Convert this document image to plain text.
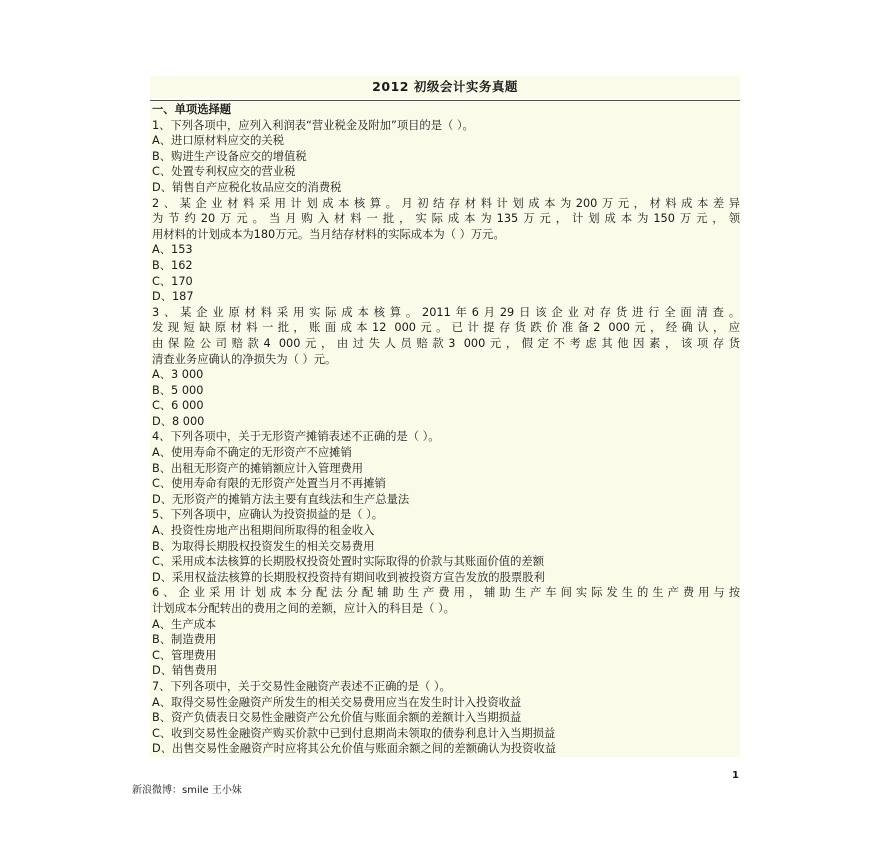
2012 初级会计实务真题
一、单项选择题
1、下列各项中，应列入利润表“营业税金及附加”项目的是（ ）。
A、进口原材料应交的关税
B、购进生产设备应交的增值税
C、处置专利权应交的营业税
D、销售自产应税化妆品应交的消费税
2、某企业材料采用计划成本核算。月初结存材料计划成本为200万元，材料成本差异
为节约20万元。当月购入材料一批，实际成本为135万元，计划成本为150万元，领
用材料的计划成本为180万元。当月结存材料的实际成本为（ ）万元。
A、153
B、162
C、170
D、187
3、某企业原材料采用实际成本核算。2011年6月29日该企业对存货进行全面清查。
发现短缺原材料一批，账面成本12 000元。已计提存货跌价准备2 000元，经确认，应
由保险公司赔款4 000元，由过失人员赔款3 000元，假定不考虑其他因素，该项存货
清查业务应确认的净损失为（ ）元。
A、3 000
B、5 000
C、6 000
D、8 000
4、下列各项中，关于无形资产摊销表述不正确的是（ ）。
A、使用寿命不确定的无形资产不应摊销
B、出租无形资产的摊销额应计入管理费用
C、使用寿命有限的无形资产处置当月不再摊销
D、无形资产的摊销方法主要有直线法和生产总量法
5、下列各项中，应确认为投资损益的是（ ）。
A、投资性房地产出租期间所取得的租金收入
B、为取得长期股权投资发生的相关交易费用
C、采用成本法核算的长期股权投资处置时实际取得的价款与其账面价值的差额
D、采用权益法核算的长期股权投资持有期间收到被投资方宣告发放的股票股利
6、企业采用计划成本分配法分配辅助生产费用，辅助生产车间实际发生的生产费用与按
计划成本分配转出的费用之间的差额，应计入的科目是（ ）。
A、生产成本
B、制造费用
C、管理费用
D、销售费用
7、下列各项中，关于交易性金融资产表述不正确的是（ ）。
A、取得交易性金融资产所发生的相关交易费用应当在发生时计入投资收益
B、资产负债表日交易性金融资产公允价值与账面余额的差额计入当期损益
C、收到交易性金融资产购买价款中已到付息期尚未领取的债券利息计入当期损益
D、出售交易性金融资产时应将其公允价值与账面余额之间的差额确认为投资收益
1
新浪微博：smile 王小妹
